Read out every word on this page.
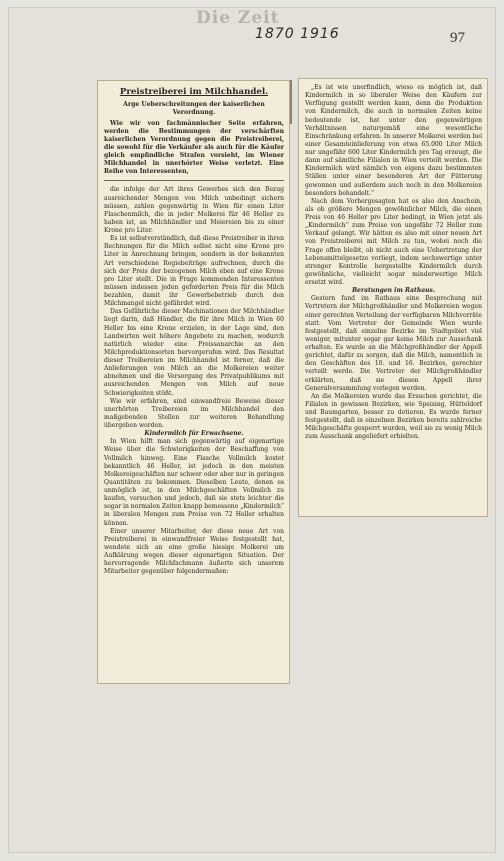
Die Zeit
1870 1916	97
Preistreiberei im Milchhandel.
Arge Ueberschreitungen der kaiserlichen Verordnung.

Wie wir von fachmännischer Seite erfahren, werden die Bestimmungen der verschärften kaiserlichen Verordnung gegen die Preistreiberei, die sowohl für die Verkäufer als auch für die Käufer gleich empfindliche Strafen vorsieht, im Wiener Milchhandel in unerhörter Weise verletzt. Eine Reihe von Interessenten,

die infolge der Art ihres Gewerbes sich den Bezug ausreichender Mengen von Milch unbedingt sichern müssen, zahlen gegenwärtig in Wien für einen Liter Flaschenmilch, die in jeder Molkerei für 46 Heller zu haben ist, an Milchhändler und Meiereien bis zu einer Krone pro Liter.

Es ist selbstverständlich, daß diese Preistreiber in ihren Rechnungen für die Milch selbst nicht eine Krone pro Liter in Anrechnung bringen, sondern in der bekannten Art verschiedene Regiebeiträge aufrechnen, durch die sich der Preis der bezogenen Milch eben auf eine Krone pro Liter stellt. Die in Frage kommenden Interessenten müssen indessen jeden geforderten Preis für die Milch bezahlen, damit ihr Gewerbebetrieb durch den Milchmangel nicht gefährdet wird.

Das Gefährliche dieser Machinationen der Milchhändler liegt darin, daß Händler, die für ihre Milch in Wien 60 Heller bis eine Krone erzielen, in der Lage sind, den Landwirten weit höhere Angebote zu machen, wodurch natürlich wieder eine Preissanarchie an den Milchproduktionsorten hervorgerufen wird. Das Resultat dieser Treibereien im Milchhandel ist ferner, daß die Anlieferungen von Milch an die Molkereien weiter abnehmen und die Versorgung des Privatpublikums mit ausreichenden Mengen von Milch auf neue Schwierigkeiten stößt.

Wie wir erfahren, sind einwandfreie Beweise dieser unerhörten Treibereien im Milchhandel den maßgebenden Stellen zur weiteren Behandlung übergeben worden.

Kindermilch für Erwachsene.

In Wien hilft man sich gegenwärtig auf eigenartige Weise über die Schwierigkeiten der Beschaffung von Vollmilch hinweg. Eine Flasche Vollmilch kostet bekanntlich 46 Heller, ist jedoch in den meisten Molkereigeschäften nur schwer oder aber nur in geringen Quantitäten zu bekommen. Dieselben Leute, denen es unmöglich ist, in den Milchgeschäften Vollmilch zu kaufen, versuchen und jedoch, daß sie stets leichter die sogar in normalen Zeiten knapp bemessene „Kindermilch“ in liberalen Mengen zum Preise von 72 Heller erhalten können.

Einer unserer Mitarbeiter, der diese neue Art von Preistreiberei in einwandfreier Weise festgestellt hat, wendete sich an eine große hiesige Molkerei um Aufklärung wegen dieser eigenartigen Situation. Der hervorragende Milchfachmann äußerte sich unserem Mitarbeiter gegenüber folgendermaßen:

„Es ist wie unerfindlich, wieso es möglich ist, daß Kindermilch in so liberaler Weise den Käufern zur Verfügung gestellt werden kann, denn die Produktion von Kindermilch, die auch in normalen Zeiten keine bedeutende ist, hat unter den gegenwärtigen Verhältnissen naturgemäß eine wesentliche Einschränkung erfahren. In unserer Molkerei werden bei einer Gesamteinlieferung von etwa 65.000 Liter Milch nur ungefähr 600 Liter Kindermilch pro Tag erzeugt, die dann auf sämtliche Filialen in Wien verteilt werden. Die Kindermilch wird nämlich von eigens dazu bestimmten Ställen unter einer besonderen Art der Fütterung gewonnen und außerdem auch noch in den Molkereien besonders behandelt.“

Nach dem Vorhergesagten hat es also den Anschein, als ob größere Mengen gewöhnlicher Milch, die einen Preis von 46 Heller pro Liter bedingt, in Wien jetzt als „Kindermilch“ zum Preise von ungefähr 72 Heller zum Verkauf gelangt. Wir hätten es also mit einer neuen Art von Preistreiberei mit Milch zu tun, wobei noch die Frage offen bleibt, ob nicht auch eine Uebertretung der Lebensmittelgesetze vorliegt, indem sechswertige unter strenger Kontrolle hergestellte Kindermilch durch gewöhnliche, vielleicht sogar minderwertige Milch ersetzt wird.

Beratungen im Rathaus.

Gestern fand im Rathaus eine Besprechung mit Vertretern der Milchgroßhändler und Molkereien wegen einer gerechten Verteilung der verfügbaren Milchvorräte statt. Vom Vertreter der Gemeinde Wien wurde festgestellt, daß einzelne Bezirke im Stadtgebiet viel weniger, mitunter sogar gar keine Milch zur Ausschank erhalten. Es wurde an die Milchgroßhändler der Appell gerichtet, dafür zu sorgen, daß die Milch, namentlich in den Geschäften des 10. und 16. Bezirkes, gerechter verteilt werde. Die Vertreter der Milchgroßhändler erklärten, daß sie diesen Appell ihrer Generalversammlung vorlegen werden.

An die Molkereien wurde das Ersuchen gerichtet, die Filialen in gewissen Bezirken, wie Speising, Hütteldorf und Baumgarten, besser zu dotieren. Es wurde ferner festgestellt, daß in einzelnen Bezirken bereits zahlreiche Milchgeschäfte gesperrt wurden, weil sie zu wenig Milch zum Ausschank angeliefert erhielten.
